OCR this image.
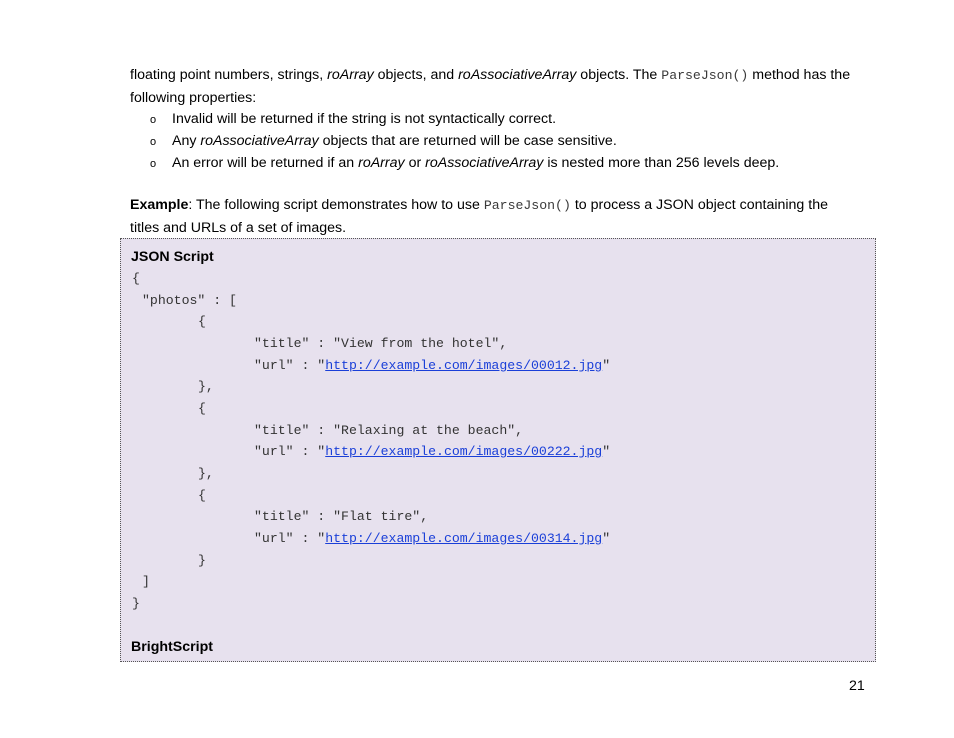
floating point numbers, strings, roArray objects, and roAssociativeArray objects. The ParseJson() method has the following properties:

o Invalid will be returned if the string is not syntactically correct.
o Any roAssociativeArray objects that are returned will be case sensitive.
o An error will be returned if an roArray or roAssociativeArray is nested more than 256 levels deep.

Example: The following script demonstrates how to use ParseJson() to process a JSON object containing the titles and URLs of a set of images.

JSON Script
{
"photos" : [
{
"title" : "View from the hotel",
"url" : "http://example.com/images/00012.jpg"
},
{
"title" : "Relaxing at the beach",
"url" : "http://example.com/images/00222.jpg"
},
{
"title" : "Flat tire",
"url" : "http://example.com/images/00314.jpg"
}
]
}
BrightScript
21
